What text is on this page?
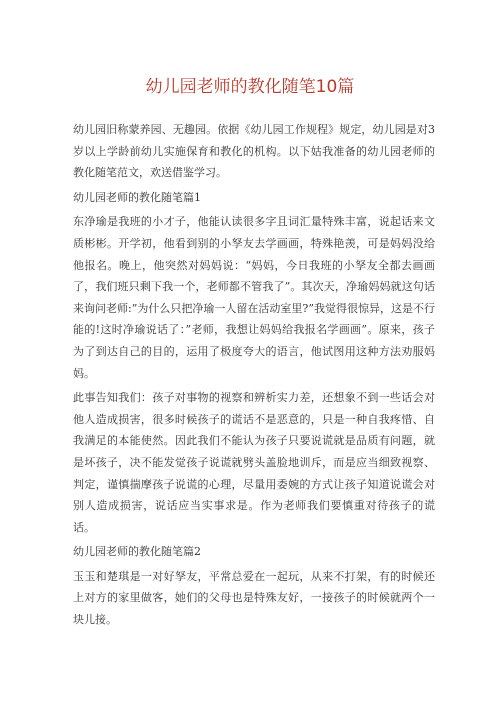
幼儿园老师的教化随笔10篇

幼儿园旧称蒙养园、无趣园。依据《幼儿园工作规程》规定，幼儿园是对3岁以上学龄前幼儿实施保育和教化的机构。以下姑我准备的幼儿园老师的教化随笔范文，欢送借鉴学习。

幼儿园老师的教化随笔篇1

东净瑜是我班的小才子，他能认读很多字且词汇量特殊丰富，说起话来文质彬彬。开学初，他看到别的小孥友去学画画，特殊艳羡，可是妈妈没给他报名。晚上，他突然对妈妈说：“妈妈，今日我班的小孥友全都去画画了，我们班只剩下我一个，老师都不管我了”。其次天，净瑜妈妈就这句话来询问老师:”为什么只把净瑜一人留在活动室里?”我觉得很惊异，这是不行能的!这时净瑜说话了：”老师，我想让妈妈给我报名学画画”。原来，孩子为了到达自己的目的，运用了极度夸大的语言，他试图用这种方法劝服妈妈。

此事告知我们：孩子对事物的视察和辨析实力差，还想象不到一些话会对他人造成损害，很多时候孩子的谎话不是恶意的，只是一种自我疼惜、自我满足的本能使然。因此我们不能认为孩子只要说谎就是品质有问题，就是坏孩子，决不能发觉孩子说谎就劈头盖脸地训斥，而是应当细致视察、判定，谨慎揣摩孩子说谎的心理，尽量用委婉的方式让孩子知道说谎会对别人造成损害，说话应当实事求是。作为老师我们要慎重对待孩子的谎话。

幼儿园老师的教化随笔篇2

玉玉和楚琪是一对好孥友，平常总爱在一起玩，从来不打架，有的时候还上对方的家里做客，她们的父母也是特殊友好，一接孩子的时候就两个一块儿接。
